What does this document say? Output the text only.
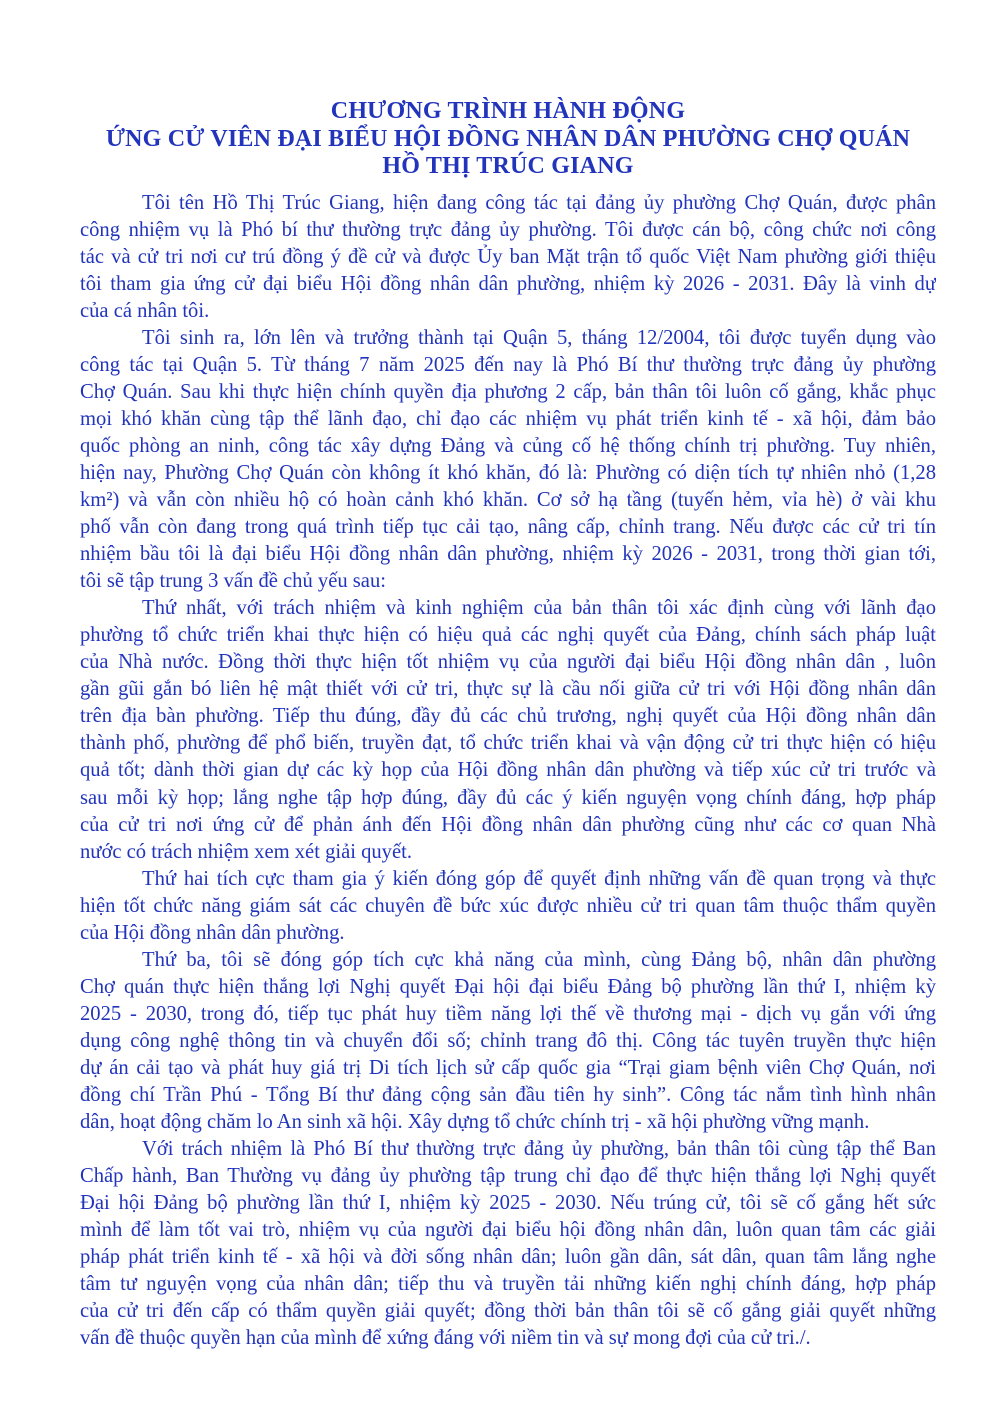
CHƯƠNG TRÌNH HÀNH ĐỘNG
ỨNG CỬ VIÊN ĐẠI BIỂU HỘI ĐỒNG NHÂN DÂN PHƯỜNG CHỢ QUÁN
HỒ THỊ TRÚC GIANG
Tôi tên Hồ Thị Trúc Giang, hiện đang công tác tại đảng ủy phường Chợ Quán, được phân
công nhiệm vụ là Phó bí thư thường trực đảng ủy phường. Tôi được cán bộ, công chức nơi công
tác và cử tri nơi cư trú đồng ý đề cử và được Ủy ban Mặt trận tổ quốc Việt Nam phường giới thiệu
tôi tham gia ứng cử đại biểu Hội đồng nhân dân phường, nhiệm kỳ 2026 - 2031. Đây là vinh dự
của cá nhân tôi.
Tôi sinh ra, lớn lên và trưởng thành tại Quận 5, tháng 12/2004, tôi được tuyển dụng vào
công tác tại Quận 5. Từ tháng 7 năm 2025 đến nay là Phó Bí thư thường trực đảng ủy phường
Chợ Quán. Sau khi thực hiện chính quyền địa phương 2 cấp, bản thân tôi luôn cố gắng, khắc phục
mọi khó khăn cùng tập thể lãnh đạo, chỉ đạo các nhiệm vụ phát triển kinh tế - xã hội, đảm bảo
quốc phòng an ninh, công tác xây dựng Đảng và củng cố hệ thống chính trị phường. Tuy nhiên,
hiện nay, Phường Chợ Quán còn không ít khó khăn, đó là: Phường có diện tích tự nhiên nhỏ (1,28
km²) và vẫn còn nhiều hộ có hoàn cảnh khó khăn. Cơ sở hạ tầng (tuyến hẻm, vỉa hè) ở vài khu
phố vẫn còn đang trong quá trình tiếp tục cải tạo, nâng cấp, chỉnh trang. Nếu được các cử tri tín
nhiệm bầu tôi là đại biểu Hội đồng nhân dân phường, nhiệm kỳ 2026 - 2031, trong thời gian tới,
tôi sẽ tập trung 3 vấn đề chủ yếu sau:
Thứ nhất, với trách nhiệm và kinh nghiệm của bản thân tôi xác định cùng với lãnh đạo
phường tổ chức triển khai thực hiện có hiệu quả các nghị quyết của Đảng, chính sách pháp luật
của Nhà nước. Đồng thời thực hiện tốt nhiệm vụ của người đại biểu Hội đồng nhân dân , luôn
gần gũi gắn bó liên hệ mật thiết với cử tri, thực sự là cầu nối giữa cử tri với Hội đồng nhân dân
trên địa bàn phường. Tiếp thu đúng, đầy đủ các chủ trương, nghị quyết của Hội đồng nhân dân
thành phố, phường để phổ biến, truyền đạt, tổ chức triển khai và vận động cử tri thực hiện có hiệu
quả tốt; dành thời gian dự các kỳ họp của Hội đồng nhân dân phường và tiếp xúc cử tri trước và
sau mỗi kỳ họp; lắng nghe tập hợp đúng, đầy đủ các ý kiến nguyện vọng chính đáng, hợp pháp
của cử tri nơi ứng cử để phản ánh đến Hội đồng nhân dân phường cũng như các cơ quan Nhà
nước có trách nhiệm xem xét giải quyết.
Thứ hai tích cực tham gia ý kiến đóng góp để quyết định những vấn đề quan trọng và thực
hiện tốt chức năng giám sát các chuyên đề bức xúc được nhiều cử tri quan tâm thuộc thẩm quyền
của Hội đồng nhân dân phường.
Thứ ba, tôi sẽ đóng góp tích cực khả năng của mình, cùng Đảng bộ, nhân dân phường
Chợ quán thực hiện thắng lợi Nghị quyết Đại hội đại biểu Đảng bộ phường lần thứ I, nhiệm kỳ
2025 - 2030, trong đó, tiếp tục phát huy tiềm năng lợi thế về thương mại - dịch vụ gắn với ứng
dụng công nghệ thông tin và chuyển đổi số; chỉnh trang đô thị. Công tác tuyên truyền thực hiện
dự án cải tạo và phát huy giá trị Di tích lịch sử cấp quốc gia “Trại giam bệnh viên Chợ Quán, nơi
đồng chí Trần Phú - Tổng Bí thư đảng cộng sản đầu tiên hy sinh”. Công tác nắm tình hình nhân
dân, hoạt động chăm lo An sinh xã hội. Xây dựng tổ chức chính trị - xã hội phường vững mạnh.
Với trách nhiệm là Phó Bí thư thường trực đảng ủy phường, bản thân tôi cùng tập thể Ban
Chấp hành, Ban Thường vụ đảng ủy phường tập trung chỉ đạo để thực hiện thắng lợi Nghị quyết
Đại hội Đảng bộ phường lần thứ I, nhiệm kỳ 2025 - 2030. Nếu trúng cử, tôi sẽ cố gắng hết sức
mình để làm tốt vai trò, nhiệm vụ của người đại biểu hội đồng nhân dân, luôn quan tâm các giải
pháp phát triển kinh tế - xã hội và đời sống nhân dân; luôn gần dân, sát dân, quan tâm lắng nghe
tâm tư nguyện vọng của nhân dân; tiếp thu và truyền tải những kiến nghị chính đáng, hợp pháp
của cử tri đến cấp có thẩm quyền giải quyết; đồng thời bản thân tôi sẽ cố gắng giải quyết những
vấn đề thuộc quyền hạn của mình để xứng đáng với niềm tin và sự mong đợi của cử tri./.
